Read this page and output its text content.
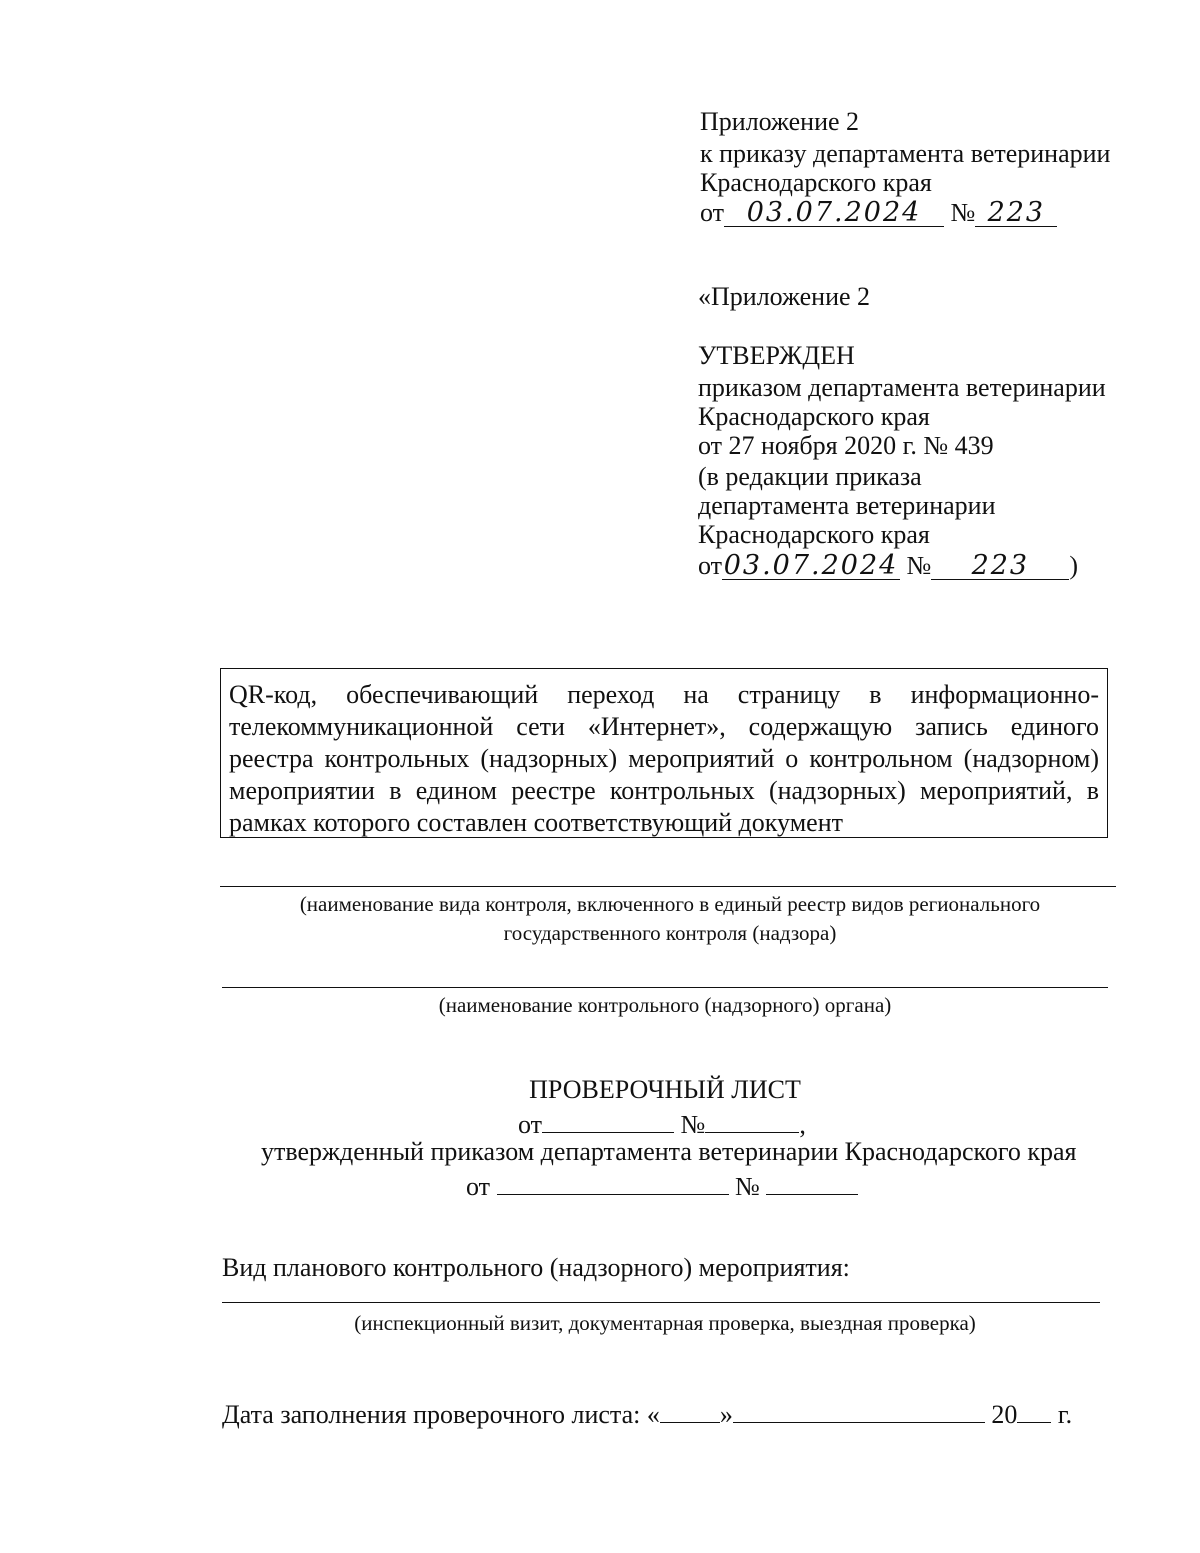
Приложение 2
к приказу департамента ветеринарии
Краснодарского края
от 03.07.2024 № 223
«Приложение 2
УТВЕРЖДЕН
приказом департамента ветеринарии
Краснодарского края
от 27 ноября 2020 г. № 439
(в редакции приказа
департамента ветеринарии
Краснодарского края
от03.07.2024 № 223 )
QR-код, обеспечивающий переход на страницу в информационно-телекоммуникационной сети «Интернет», содержащую запись единого реестра контрольных (надзорных) мероприятий о контрольном (надзорном) мероприятии в едином реестре контрольных (надзорных) мероприятий, в рамках которого составлен соответствующий документ
(наименование вида контроля, включенного в единый реестр видов регионального государственного контроля (надзора)
(наименование контрольного (надзорного) органа)
ПРОВЕРОЧНЫЙ ЛИСТ
от	№	,
утвержденный приказом департамента ветеринарии Краснодарского края
от	№
Вид планового контрольного (надзорного) мероприятия:
(инспекционный визит, документарная проверка, выездная проверка)
Дата заполнения проверочного листа: « »	20 г.
